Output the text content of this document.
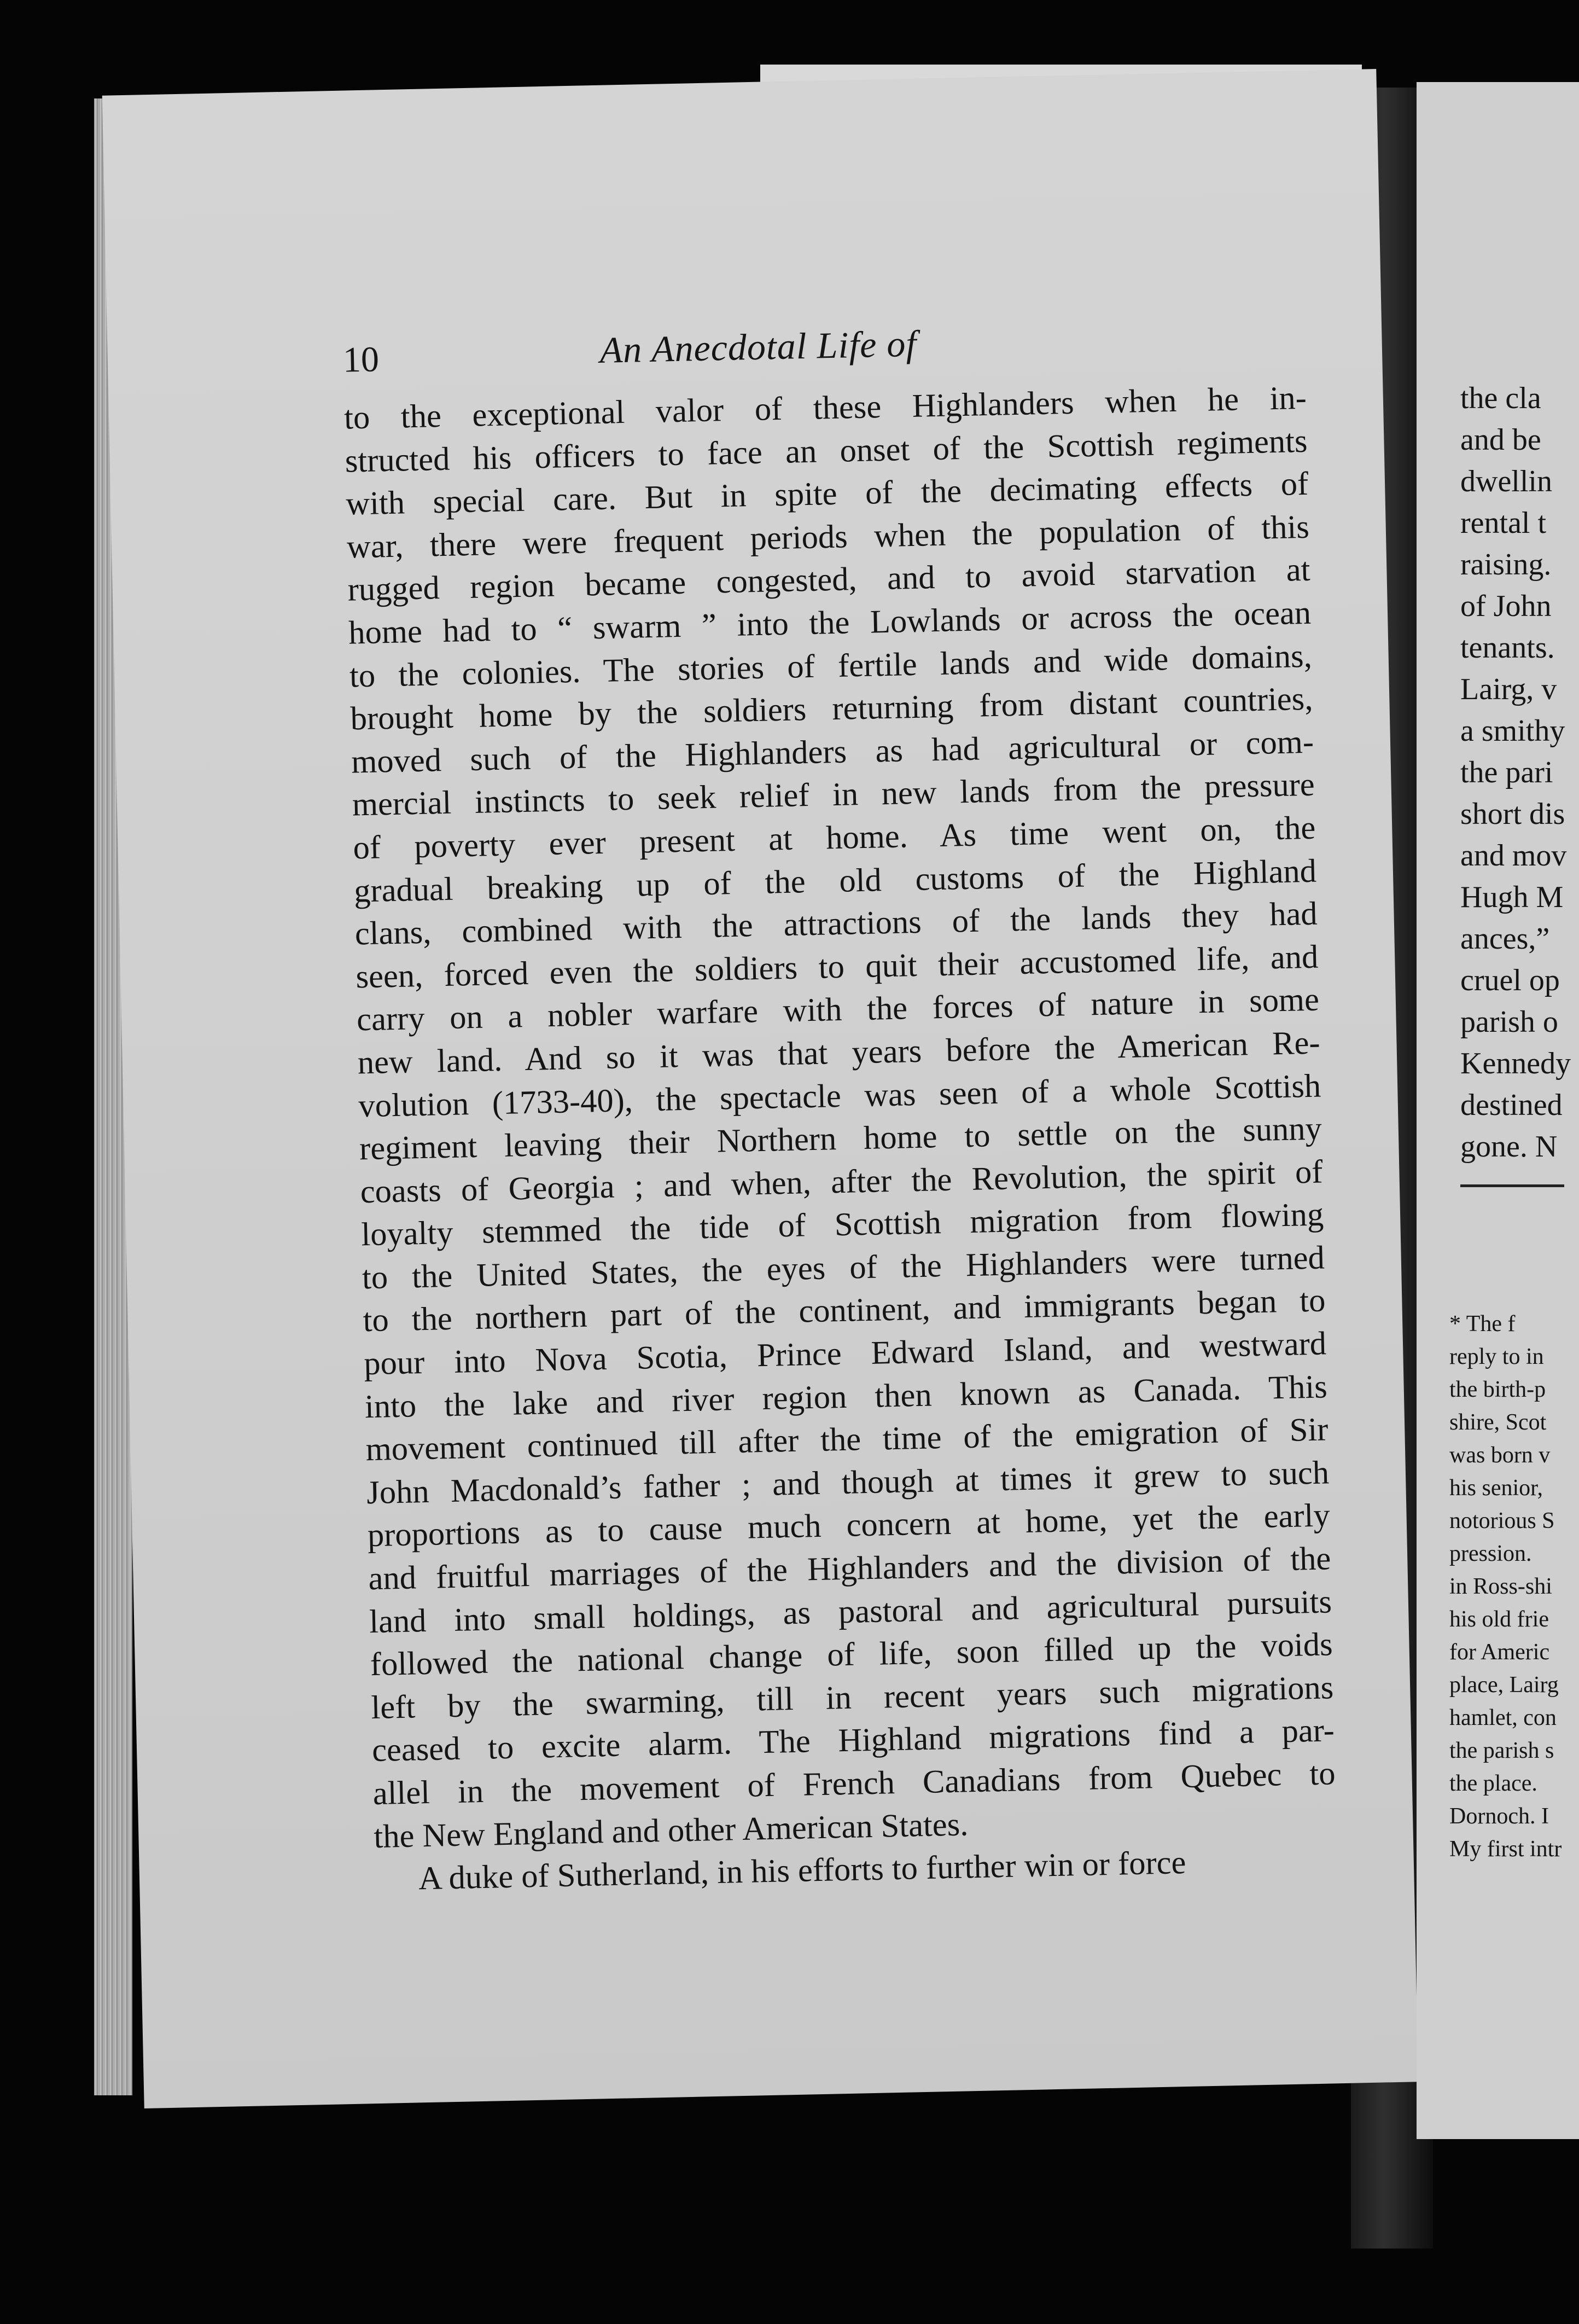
10	An Anecdotal Life of
to the exceptional valor of these Highlanders when he in-
structed his officers to face an onset of the Scottish regiments
with special care. But in spite of the decimating effects of
war, there were frequent periods when the population of this
rugged region became congested, and to avoid starvation at
home had to “ swarm ” into the Lowlands or across the ocean
to the colonies. The stories of fertile lands and wide domains,
brought home by the soldiers returning from distant countries,
moved such of the Highlanders as had agricultural or com-
mercial instincts to seek relief in new lands from the pressure
of poverty ever present at home. As time went on, the
gradual breaking up of the old customs of the Highland
clans, combined with the attractions of the lands they had
seen, forced even the soldiers to quit their accustomed life, and
carry on a nobler warfare with the forces of nature in some
new land. And so it was that years before the American Re-
volution (1733-40), the spectacle was seen of a whole Scottish
regiment leaving their Northern home to settle on the sunny
coasts of Georgia ; and when, after the Revolution, the spirit of
loyalty stemmed the tide of Scottish migration from flowing
to the United States, the eyes of the Highlanders were turned
to the northern part of the continent, and immigrants began to
pour into Nova Scotia, Prince Edward Island, and westward
into the lake and river region then known as Canada. This
movement continued till after the time of the emigration of Sir
John Macdonald’s father ; and though at times it grew to such
proportions as to cause much concern at home, yet the early
and fruitful marriages of the Highlanders and the division of the
land into small holdings, as pastoral and agricultural pursuits
followed the national change of life, soon filled up the voids
left by the swarming, till in recent years such migrations
ceased to excite alarm. The Highland migrations find a par-
allel in the movement of French Canadians from Quebec to
the New England and other American States.
A duke of Sutherland, in his efforts to further win or force
the cla
and be
dwellin
rental t
raising.
of John
tenants.
Lairg, v
a smithy
the pari
short dis
and mov
Hugh M
ances,”
cruel op
parish o
Kennedy
destined
gone. N
* The f
reply to in
the birth-p
shire, Scot
was born v
his senior,
notorious S
pression.
in Ross-shi
his old frie
for Americ
place, Lairg
hamlet, con
the parish s
the place.
Dornoch. I
My first intr
